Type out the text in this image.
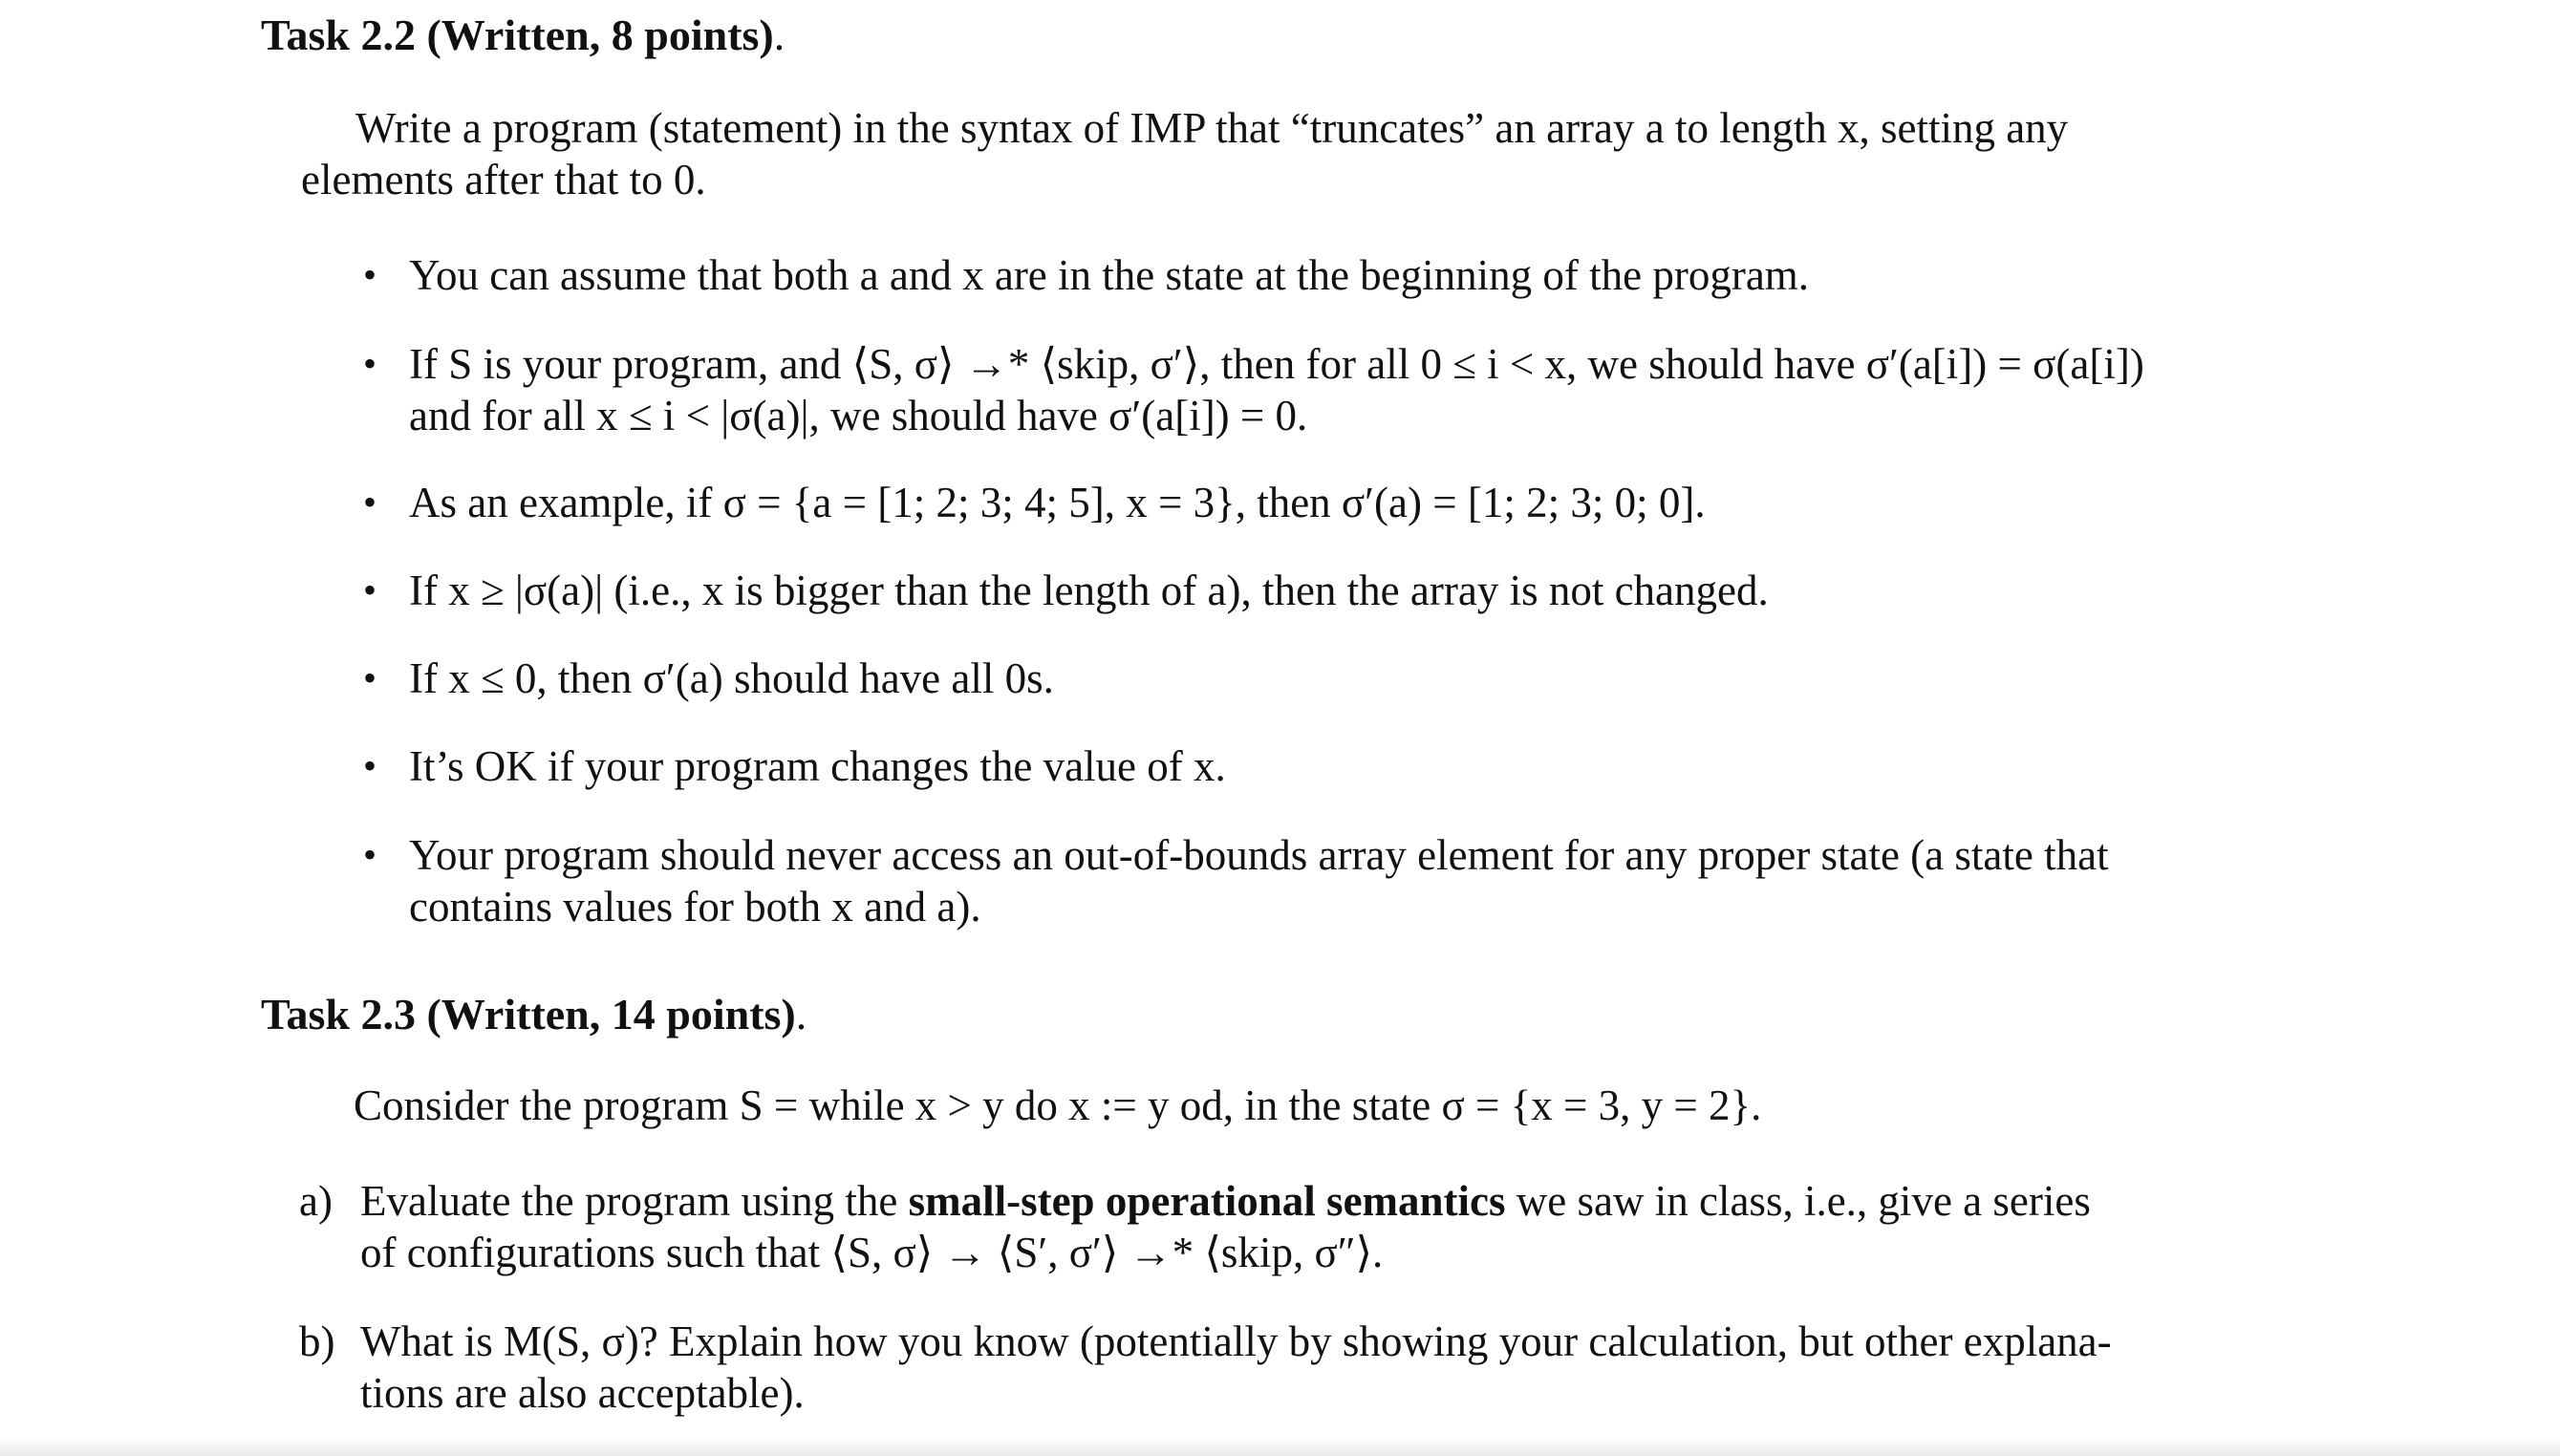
Task 2.2 (Written, 8 points).
Write a program (statement) in the syntax of IMP that “truncates” an array a to length x, setting any
elements after that to 0.
• You can assume that both a and x are in the state at the beginning of the program.
• If S is your program, and ⟨S, σ⟩ →* ⟨skip, σ′⟩, then for all 0 ≤ i < x, we should have σ′(a[i]) = σ(a[i])
and for all x ≤ i < |σ(a)|, we should have σ′(a[i]) = 0.
• As an example, if σ = {a = [1; 2; 3; 4; 5], x = 3}, then σ′(a) = [1; 2; 3; 0; 0].
• If x ≥ |σ(a)| (i.e., x is bigger than the length of a), then the array is not changed.
• If x ≤ 0, then σ′(a) should have all 0s.
• It’s OK if your program changes the value of x.
• Your program should never access an out-of-bounds array element for any proper state (a state that
contains values for both x and a).
Task 2.3 (Written, 14 points).
Consider the program S = while x > y do x := y od, in the state σ = {x = 3, y = 2}.
a) Evaluate the program using the small-step operational semantics we saw in class, i.e., give a series
of configurations such that ⟨S, σ⟩ → ⟨S′, σ′⟩ →* ⟨skip, σ″⟩.
b) What is M(S, σ)? Explain how you know (potentially by showing your calculation, but other explana-
tions are also acceptable).
